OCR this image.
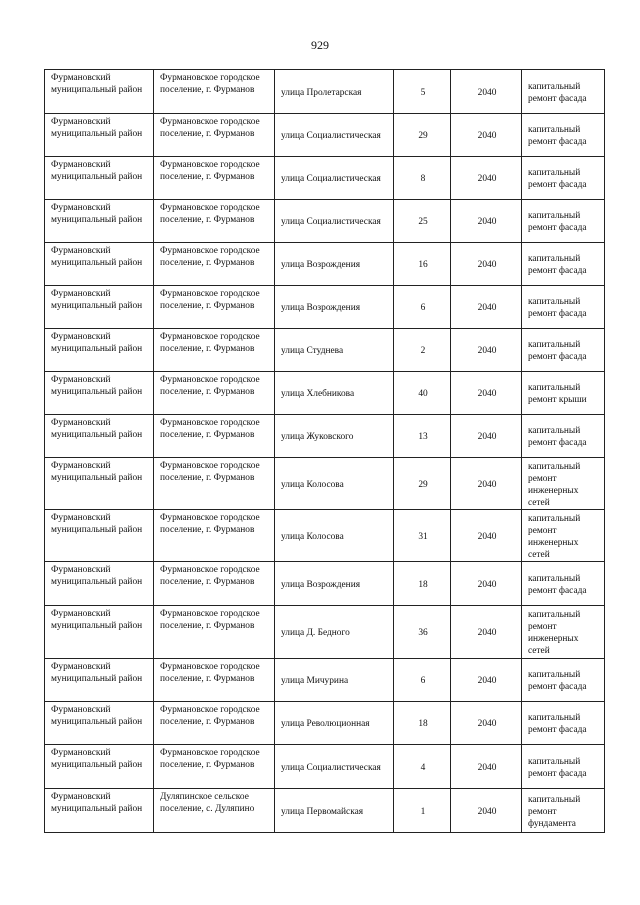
929
Фурмановский муниципальный район	Фурмановское городское поселение, г. Фурманов	улица Пролетарская	5	2040	капитальный ремонт фасада
Фурмановский муниципальный район	Фурмановское городское поселение, г. Фурманов	улица Социалистическая	29	2040	капитальный ремонт фасада
Фурмановский муниципальный район	Фурмановское городское поселение, г. Фурманов	улица Социалистическая	8	2040	капитальный ремонт фасада
Фурмановский муниципальный район	Фурмановское городское поселение, г. Фурманов	улица Социалистическая	25	2040	капитальный ремонт фасада
Фурмановский муниципальный район	Фурмановское городское поселение, г. Фурманов	улица Возрождения	16	2040	капитальный ремонт фасада
Фурмановский муниципальный район	Фурмановское городское поселение, г. Фурманов	улица Возрождения	6	2040	капитальный ремонт фасада
Фурмановский муниципальный район	Фурмановское городское поселение, г. Фурманов	улица Студнева	2	2040	капитальный ремонт фасада
Фурмановский муниципальный район	Фурмановское городское поселение, г. Фурманов	улица Хлебникова	40	2040	капитальный ремонт крыши
Фурмановский муниципальный район	Фурмановское городское поселение, г. Фурманов	улица Жуковского	13	2040	капитальный ремонт фасада
Фурмановский муниципальный район	Фурмановское городское поселение, г. Фурманов	улица Колосова	29	2040	капитальный ремонт инженерных сетей
Фурмановский муниципальный район	Фурмановское городское поселение, г. Фурманов	улица Колосова	31	2040	капитальный ремонт инженерных сетей
Фурмановский муниципальный район	Фурмановское городское поселение, г. Фурманов	улица Возрождения	18	2040	капитальный ремонт фасада
Фурмановский муниципальный район	Фурмановское городское поселение, г. Фурманов	улица Д. Бедного	36	2040	капитальный ремонт инженерных сетей
Фурмановский муниципальный район	Фурмановское городское поселение, г. Фурманов	улица Мичурина	6	2040	капитальный ремонт фасада
Фурмановский муниципальный район	Фурмановское городское поселение, г. Фурманов	улица Революционная	18	2040	капитальный ремонт фасада
Фурмановский муниципальный район	Фурмановское городское поселение, г. Фурманов	улица Социалистическая	4	2040	капитальный ремонт фасада
Фурмановский муниципальный район	Дуляпинское сельское поселение, с. Дуляпино	улица Первомайская	1	2040	капитальный ремонт фундамента
